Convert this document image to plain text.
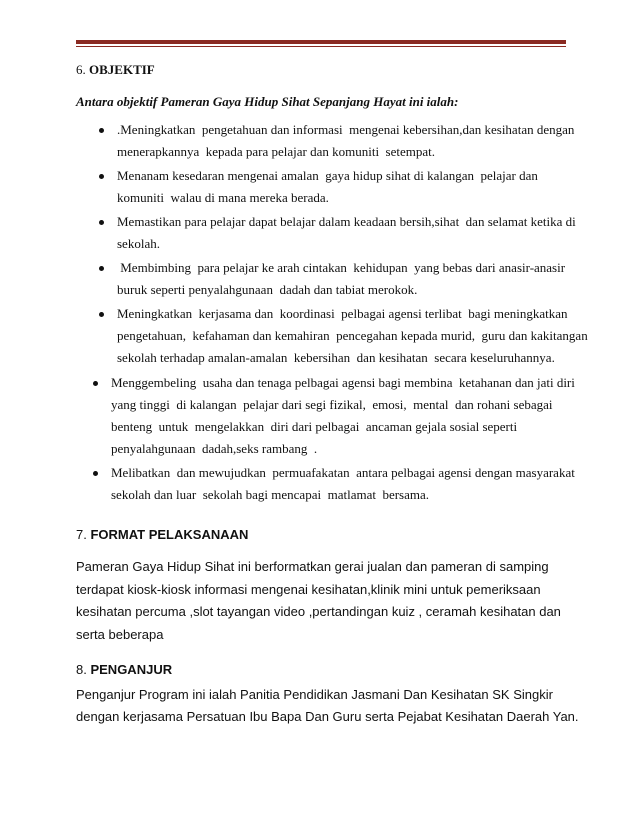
6. OBJEKTIF
Antara objektif Pameran Gaya Hidup Sihat Sepanjang Hayat ini ialah:
.Meningkatkan  pengetahuan dan informasi  mengenai kebersihan,dan kesihatan dengan
menerapkannya  kepada para pelajar dan komuniti  setempat.
Menanam kesedaran mengenai amalan  gaya hidup sihat di kalangan  pelajar dan
komuniti  walau di mana mereka berada.
Memastikan para pelajar dapat belajar dalam keadaan bersih,sihat  dan selamat ketika di
sekolah.
Membimbing  para pelajar ke arah cintakan  kehidupan  yang bebas dari anasir-anasir
buruk seperti penyalahgunaan  dadah dan tabiat merokok.
Meningkatkan  kerjasama dan  koordinasi  pelbagai agensi terlibat  bagi meningkatkan
pengetahuan,  kefahaman dan kemahiran  pencegahan kepada murid,  guru dan kakitangan
sekolah terhadap amalan-amalan  kebersihan  dan kesihatan  secara keseluruhannya.
Menggembeling  usaha dan tenaga pelbagai agensi bagi membina  ketahanan dan jati diri
yang tinggi  di kalangan  pelajar dari segi fizikal,  emosi,  mental  dan rohani sebagai
benteng  untuk  mengelakkan  diri dari pelbagai  ancaman gejala sosial seperti
penyalahgunaan  dadah,seks rambang  .
Melibatkan  dan mewujudkan  permuafakatan  antara pelbagai agensi dengan masyarakat
sekolah dan luar  sekolah bagi mencapai  matlamat  bersama.
7. FORMAT PELAKSANAAN
Pameran Gaya Hidup Sihat ini berformatkan gerai jualan dan pameran di samping
terdapat kiosk-kiosk informasi mengenai kesihatan,klinik mini untuk pemeriksaan
kesihatan percuma ,slot tayangan video ,pertandingan kuiz , ceramah kesihatan dan
serta beberapa
8. PENGANJUR
Penganjur Program ini ialah Panitia Pendidikan Jasmani Dan Kesihatan SK Singkir
dengan kerjasama Persatuan Ibu Bapa Dan Guru serta Pejabat Kesihatan Daerah Yan.
